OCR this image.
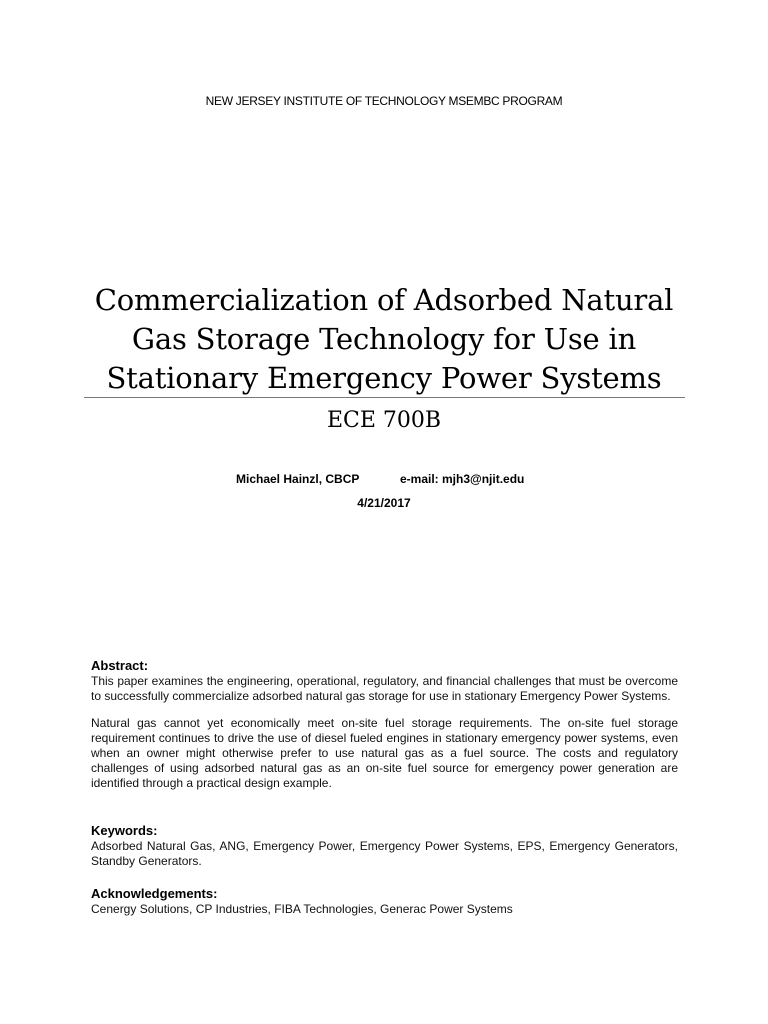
NEW JERSEY INSTITUTE OF TECHNOLOGY MSEMBC PROGRAM
Commercialization of Adsorbed Natural
Gas Storage Technology for Use in
Stationary Emergency Power Systems
ECE 700B
Michael Hainzl, CBCP	e-mail: mjh3@njit.edu
4/21/2017
Abstract:

This paper examines the engineering, operational, regulatory, and financial challenges that must be overcome to successfully commercialize adsorbed natural gas storage for use in stationary Emergency Power Systems.

Natural gas cannot yet economically meet on-site fuel storage requirements. The on-site fuel storage requirement continues to drive the use of diesel fueled engines in stationary emergency power systems, even when an owner might otherwise prefer to use natural gas as a fuel source. The costs and regulatory challenges of using adsorbed natural gas as an on-site fuel source for emergency power generation are identified through a practical design example.

Keywords:

Adsorbed Natural Gas, ANG, Emergency Power, Emergency Power Systems, EPS, Emergency Generators, Standby Generators.

Acknowledgements:

Cenergy Solutions, CP Industries, FIBA Technologies, Generac Power Systems
